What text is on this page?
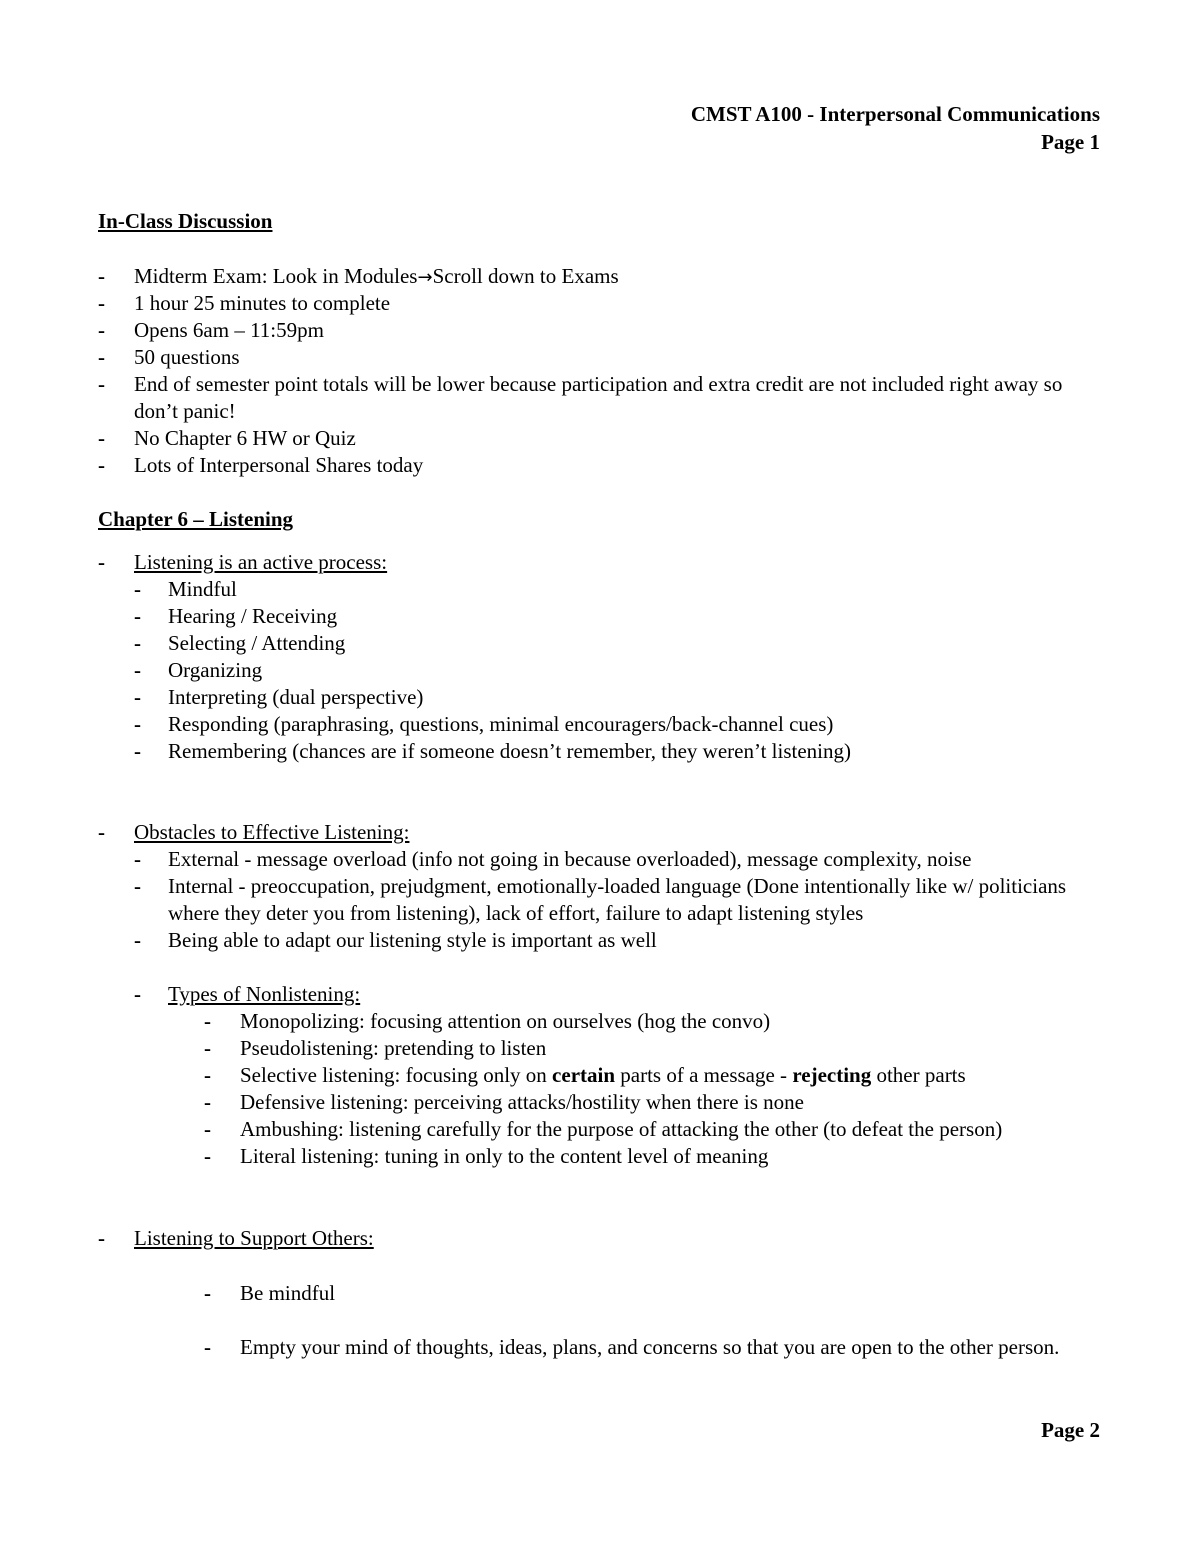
CMST A100 - Interpersonal Communications
Page 1
In-Class Discussion
- Midterm Exam: Look in Modules→Scroll down to Exams
- 1 hour 25 minutes to complete
- Opens 6am – 11:59pm
- 50 questions
- End of semester point totals will be lower because participation and extra credit are not included right away so don’t panic!
- No Chapter 6 HW or Quiz
- Lots of Interpersonal Shares today
Chapter 6 – Listening
- Listening is an active process:
- Mindful
- Hearing / Receiving
- Selecting / Attending
- Organizing
- Interpreting (dual perspective)
- Responding (paraphrasing, questions, minimal encouragers/back-channel cues)
- Remembering (chances are if someone doesn’t remember, they weren’t listening)
- Obstacles to Effective Listening:
- External - message overload (info not going in because overloaded), message complexity, noise
- Internal - preoccupation, prejudgment, emotionally-loaded language (Done intentionally like w/ politicians where they deter you from listening), lack of effort, failure to adapt listening styles
- Being able to adapt our listening style is important as well
- Types of Nonlistening:
- Monopolizing: focusing attention on ourselves (hog the convo)
- Pseudolistening: pretending to listen
- Selective listening: focusing only on certain parts of a message - rejecting other parts
- Defensive listening: perceiving attacks/hostility when there is none
- Ambushing: listening carefully for the purpose of attacking the other (to defeat the person)
- Literal listening: tuning in only to the content level of meaning
- Listening to Support Others:
- Be mindful
- Empty your mind of thoughts, ideas, plans, and concerns so that you are open to the other person.
Page 2
